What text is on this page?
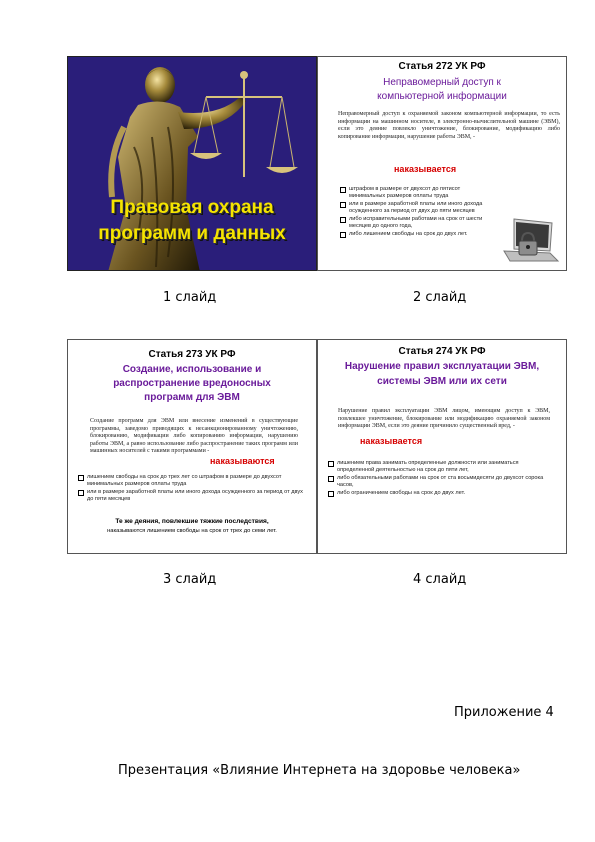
Правовая охрана
программ и данных
Статья 272 УК РФ
Неправомерный доступ к
компьютерной информации
Неправомерный доступ к охраняемой законом компьютерной информации, то есть информации на машинном носителе, в электронно-вычислительной машине (ЭВМ), если это деяние повлекло уничтожение, блокирование, модификацию либо копирование информации, нарушение работы ЭВМ, -
наказывается
штрафом в размере от двухсот до пятисот минимальных размеров оплаты труда
или в размере заработной платы или иного дохода осужденного за период от двух до пяти месяцев
либо исправительными работами на срок от шести месяцев до одного года,
либо лишением свободы на срок до двух лет.
1 слайд	2 слайд
Статья 273 УК РФ
Создание, использование и
распространение вредоносных
программ для ЭВМ
Создание программ для ЭВМ или внесение изменений в существующие программы, заведомо приводящих к несанкционированному уничтожению, блокированию, модификации либо копированию информации, нарушению работы ЭВМ, а равно использование либо распространение таких программ или машинных носителей с такими программами -
наказываются
лишением свободы на срок до трех лет со штрафом в размере до двухсот минимальных размеров оплаты труда
или в размере заработной платы или иного дохода осужденного за период от двух до пяти месяцев
Те же деяния, повлекшие тяжкие последствия,
наказываются лишением свободы на срок от трех до семи лет.
Статья 274 УК РФ
Нарушение правил эксплуатации ЭВМ,
системы ЭВМ или их сети
Нарушение правил эксплуатации ЭВМ лицом, имеющим доступ к ЭВМ, повлекшее уничтожение, блокирование или модификацию охраняемой законом информации ЭВМ, если это деяние причинило существенный вред, -
наказывается
лишением права занимать определенные должности или заниматься определенной деятельностью на срок до пяти лет,
либо обязательными работами на срок от ста восьмидесяти до двухсот сорока часов,
либо ограничением свободы на срок до двух лет.
3 слайд	4 слайд
Приложение 4
Презентация «Влияние Интернета на здоровье человека»
